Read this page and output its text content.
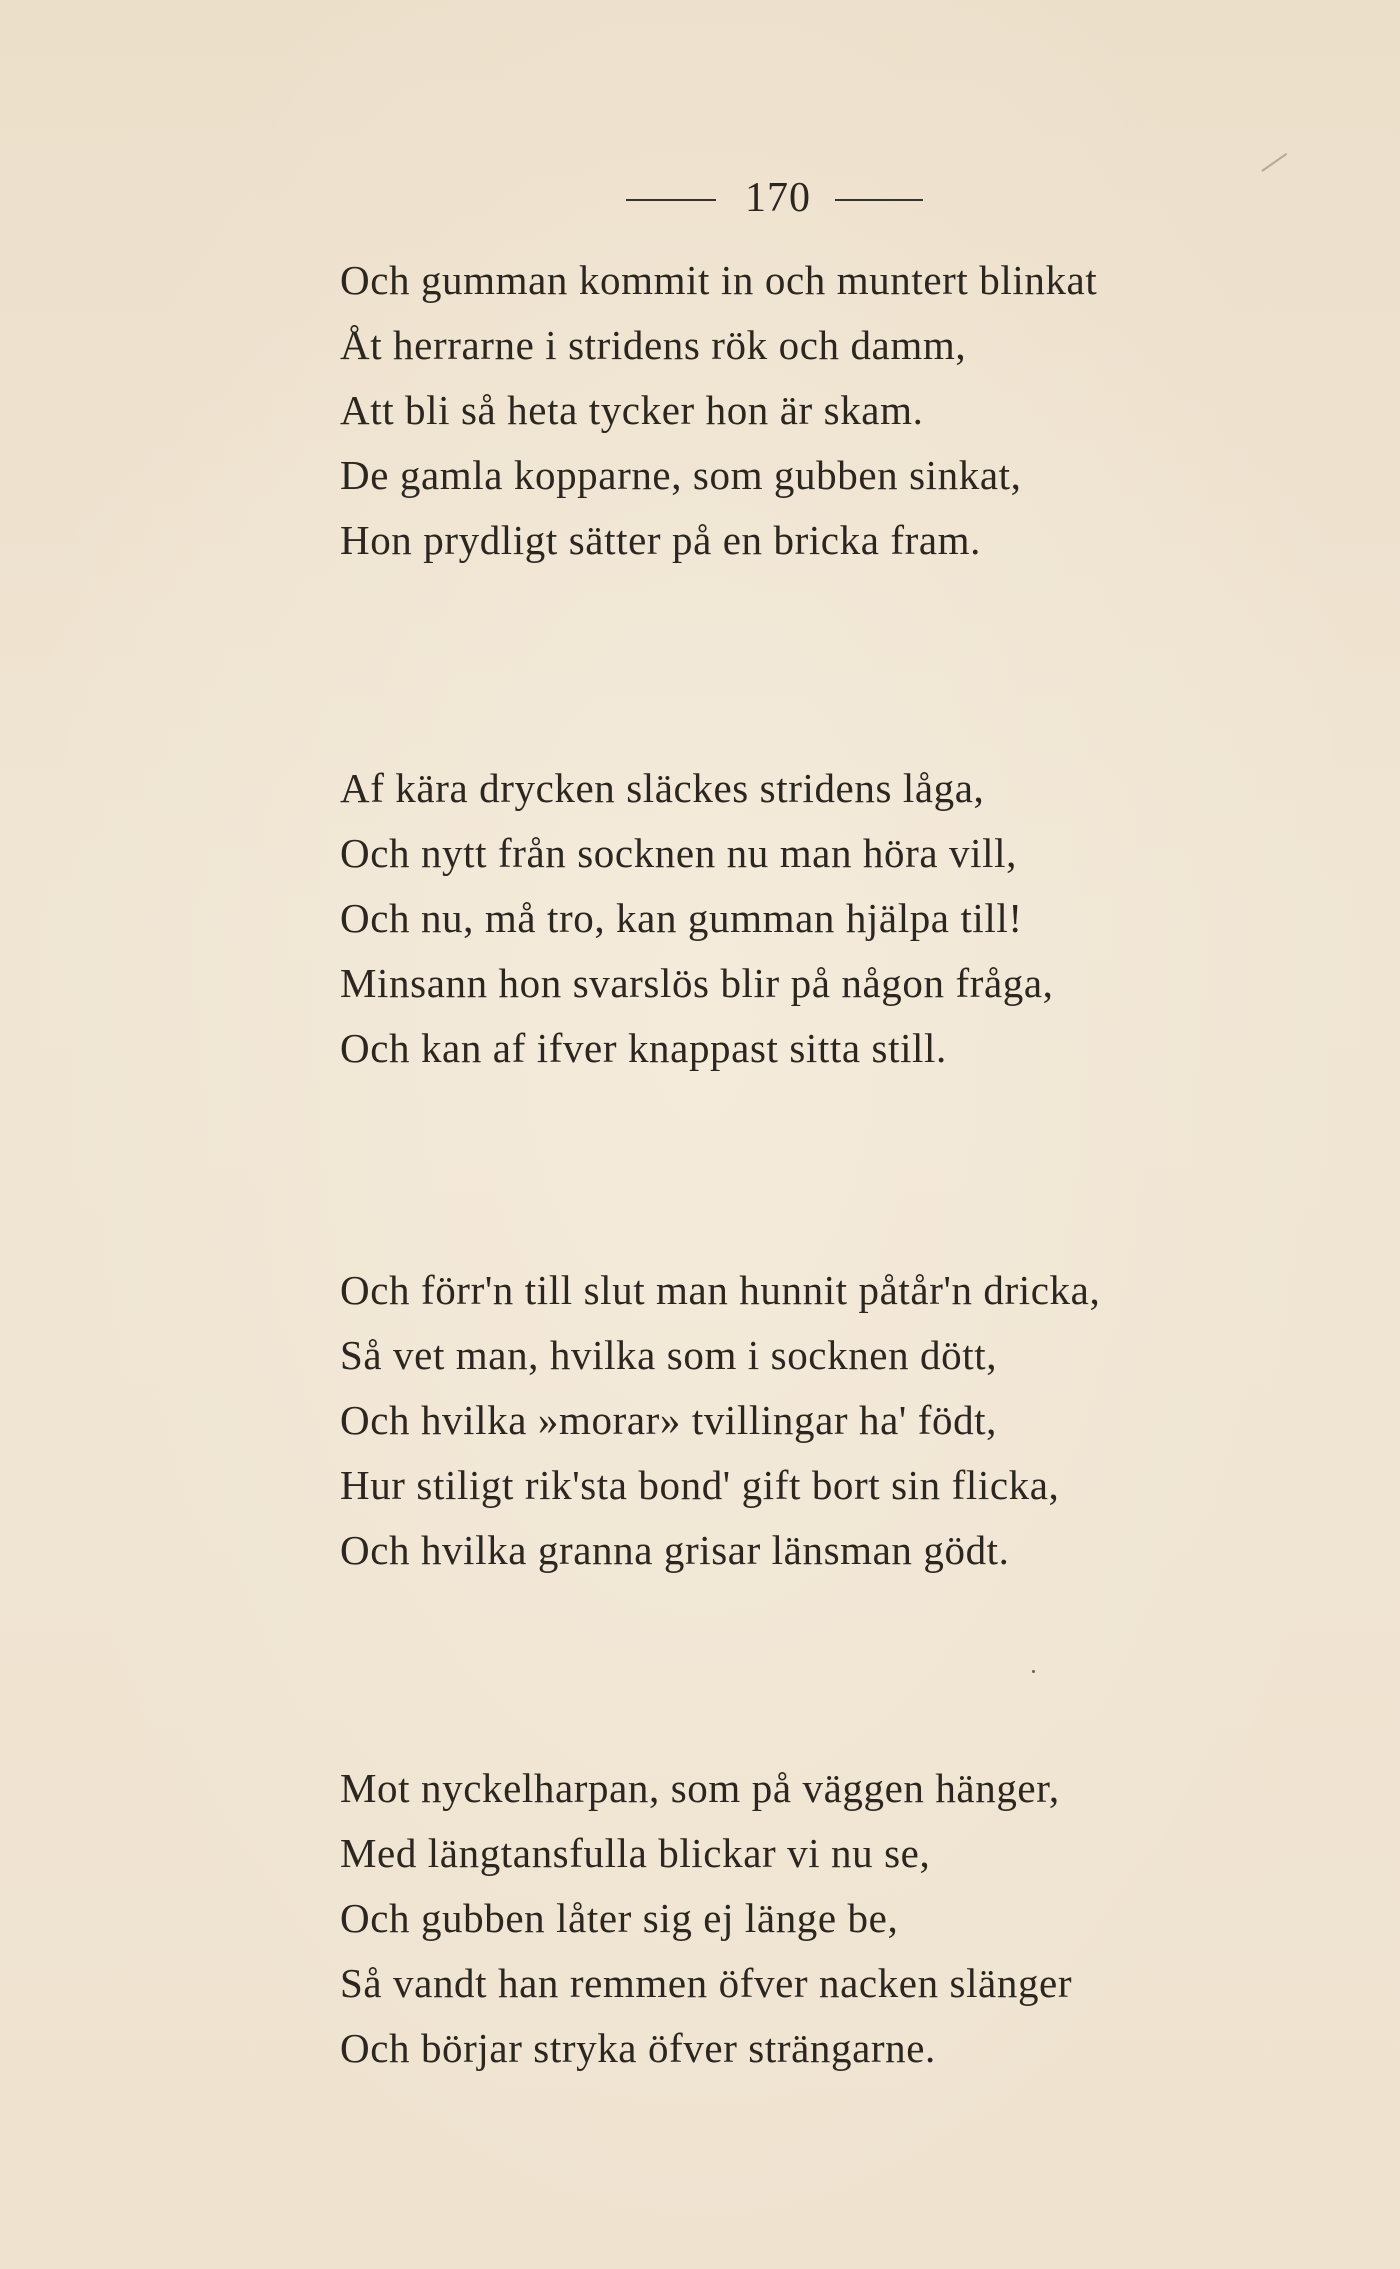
170
Och gumman kommit in och muntert blinkat
Åt herrarne i stridens rök och damm,
Att bli så heta tycker hon är skam.
De gamla kopparne, som gubben sinkat,
Hon prydligt sätter på en bricka fram.
Af kära drycken släckes stridens låga,
Och nytt från socknen nu man höra vill,
Och nu, må tro, kan gumman hjälpa till!
Minsann hon svarslös blir på någon fråga,
Och kan af ifver knappast sitta still.
Och förr'n till slut man hunnit påtår'n dricka,
Så vet man, hvilka som i socknen dött,
Och hvilka »morar» tvillingar ha' födt,
Hur stiligt rik'sta bond' gift bort sin flicka,
Och hvilka granna grisar länsman gödt.
Mot nyckelharpan, som på väggen hänger,
Med längtansfulla blickar vi nu se,
Och gubben låter sig ej länge be,
Så vandt han remmen öfver nacken slänger
Och börjar stryka öfver strängarne.
